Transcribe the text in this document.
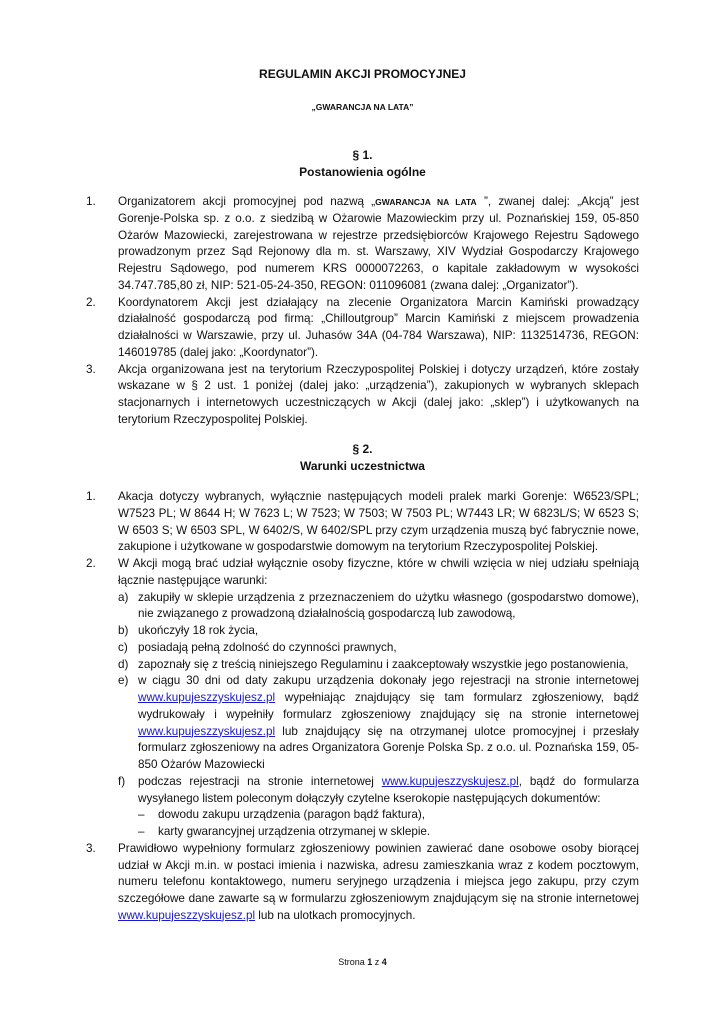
REGULAMIN AKCJI PROMOCYJNEJ
„GWARANCJA NA LATA”
§ 1.
Postanowienia ogólne
1.	Organizatorem akcji promocyjnej pod nazwą „GWARANCJA NA LATA ”, zwanej dalej: „Akcją” jest Gorenje-Polska sp. z o.o. z siedzibą w Ożarowie Mazowieckim przy ul. Poznańskiej 159, 05-850 Ożarów Mazowiecki, zarejestrowana w rejestrze przedsiębiorców Krajowego Rejestru Sądowego prowadzonym przez Sąd Rejonowy dla m. st. Warszawy, XIV Wydział Gospodarczy Krajowego Rejestru Sądowego, pod numerem KRS 0000072263, o kapitale zakładowym w wysokości 34.747.785,80 zł, NIP: 521-05-24-350, REGON: 011096081 (zwana dalej: „Organizator”).
2.	Koordynatorem Akcji jest działający na zlecenie Organizatora Marcin Kamiński prowadzący działalność gospodarczą pod firmą: „Chilloutgroup” Marcin Kamiński z miejscem prowadzenia działalności w Warszawie, przy ul. Juhasów 34A (04-784 Warszawa), NIP: 1132514736, REGON: 146019785 (dalej jako: „Koordynator”).
3.	Akcja organizowana jest na terytorium Rzeczypospolitej Polskiej i dotyczy urządzeń, które zostały wskazane w § 2 ust. 1 poniżej (dalej jako: „urządzenia”), zakupionych w wybranych sklepach stacjonarnych i internetowych uczestniczących w Akcji (dalej jako: „sklep”) i użytkowanych na terytorium Rzeczypospolitej Polskiej.
§ 2.
Warunki uczestnictwa
1.	Akacja dotyczy wybranych, wyłącznie następujących modeli pralek marki Gorenje: W6523/SPL; W7523 PL; W 8644 H; W 7623 L; W 7523; W 7503; W 7503 PL; W7443 LR; W 6823L/S; W 6523 S; W 6503 S; W 6503 SPL, W 6402/S, W 6402/SPL przy czym urządzenia muszą być fabrycznie nowe, zakupione i użytkowane w gospodarstwie domowym na terytorium Rzeczypospolitej Polskiej.
2.	W Akcji mogą brać udział wyłącznie osoby fizyczne, które w chwili wzięcia w niej udziału spełniają łącznie następujące warunki:
a) zakupiły w sklepie urządzenia z przeznaczeniem do użytku własnego (gospodarstwo domowe), nie związanego z prowadzoną działalnością gospodarczą lub zawodową,
b) ukończyły 18 rok życia,
c) posiadają pełną zdolność do czynności prawnych,
d) zapoznały się z treścią niniejszego Regulaminu i zaakceptowały wszystkie jego postanowienia,
e) w ciągu 30 dni od daty zakupu urządzenia dokonały jego rejestracji na stronie internetowej www.kupujeszzyskujesz.pl wypełniając znajdujący się tam formularz zgłoszeniowy, bądź wydrukowały i wypełniły formularz zgłoszeniowy znajdujący się na stronie internetowej www.kupujeszzyskujesz.pl lub znajdujący się na otrzymanej ulotce promocyjnej i przesłały formularz zgłoszeniowy na adres Organizatora Gorenje Polska Sp. z o.o. ul. Poznańska 159, 05-850 Ożarów Mazowiecki
f) podczas rejestracji na stronie internetowej www.kupujeszzyskujesz.pl, bądź do formularza wysyłanego listem poleconym dołączyły czytelne kserokopie następujących dokumentów:
– dowodu zakupu urządzenia (paragon bądź faktura),
– karty gwarancyjnej urządzenia otrzymanej w sklepie.
3.	Prawidłowo wypełniony formularz zgłoszeniowy powinien zawierać dane osobowe osoby biorącej udział w Akcji m.in. w postaci imienia i nazwiska, adresu zamieszkania wraz z kodem pocztowym, numeru telefonu kontaktowego, numeru seryjnego urządzenia i miejsca jego zakupu, przy czym szczegółowe dane zawarte są w formularzu zgłoszeniowym znajdującym się na stronie internetowej www.kupujeszzyskujesz.pl lub na ulotkach promocyjnych.
Strona 1 z 4
